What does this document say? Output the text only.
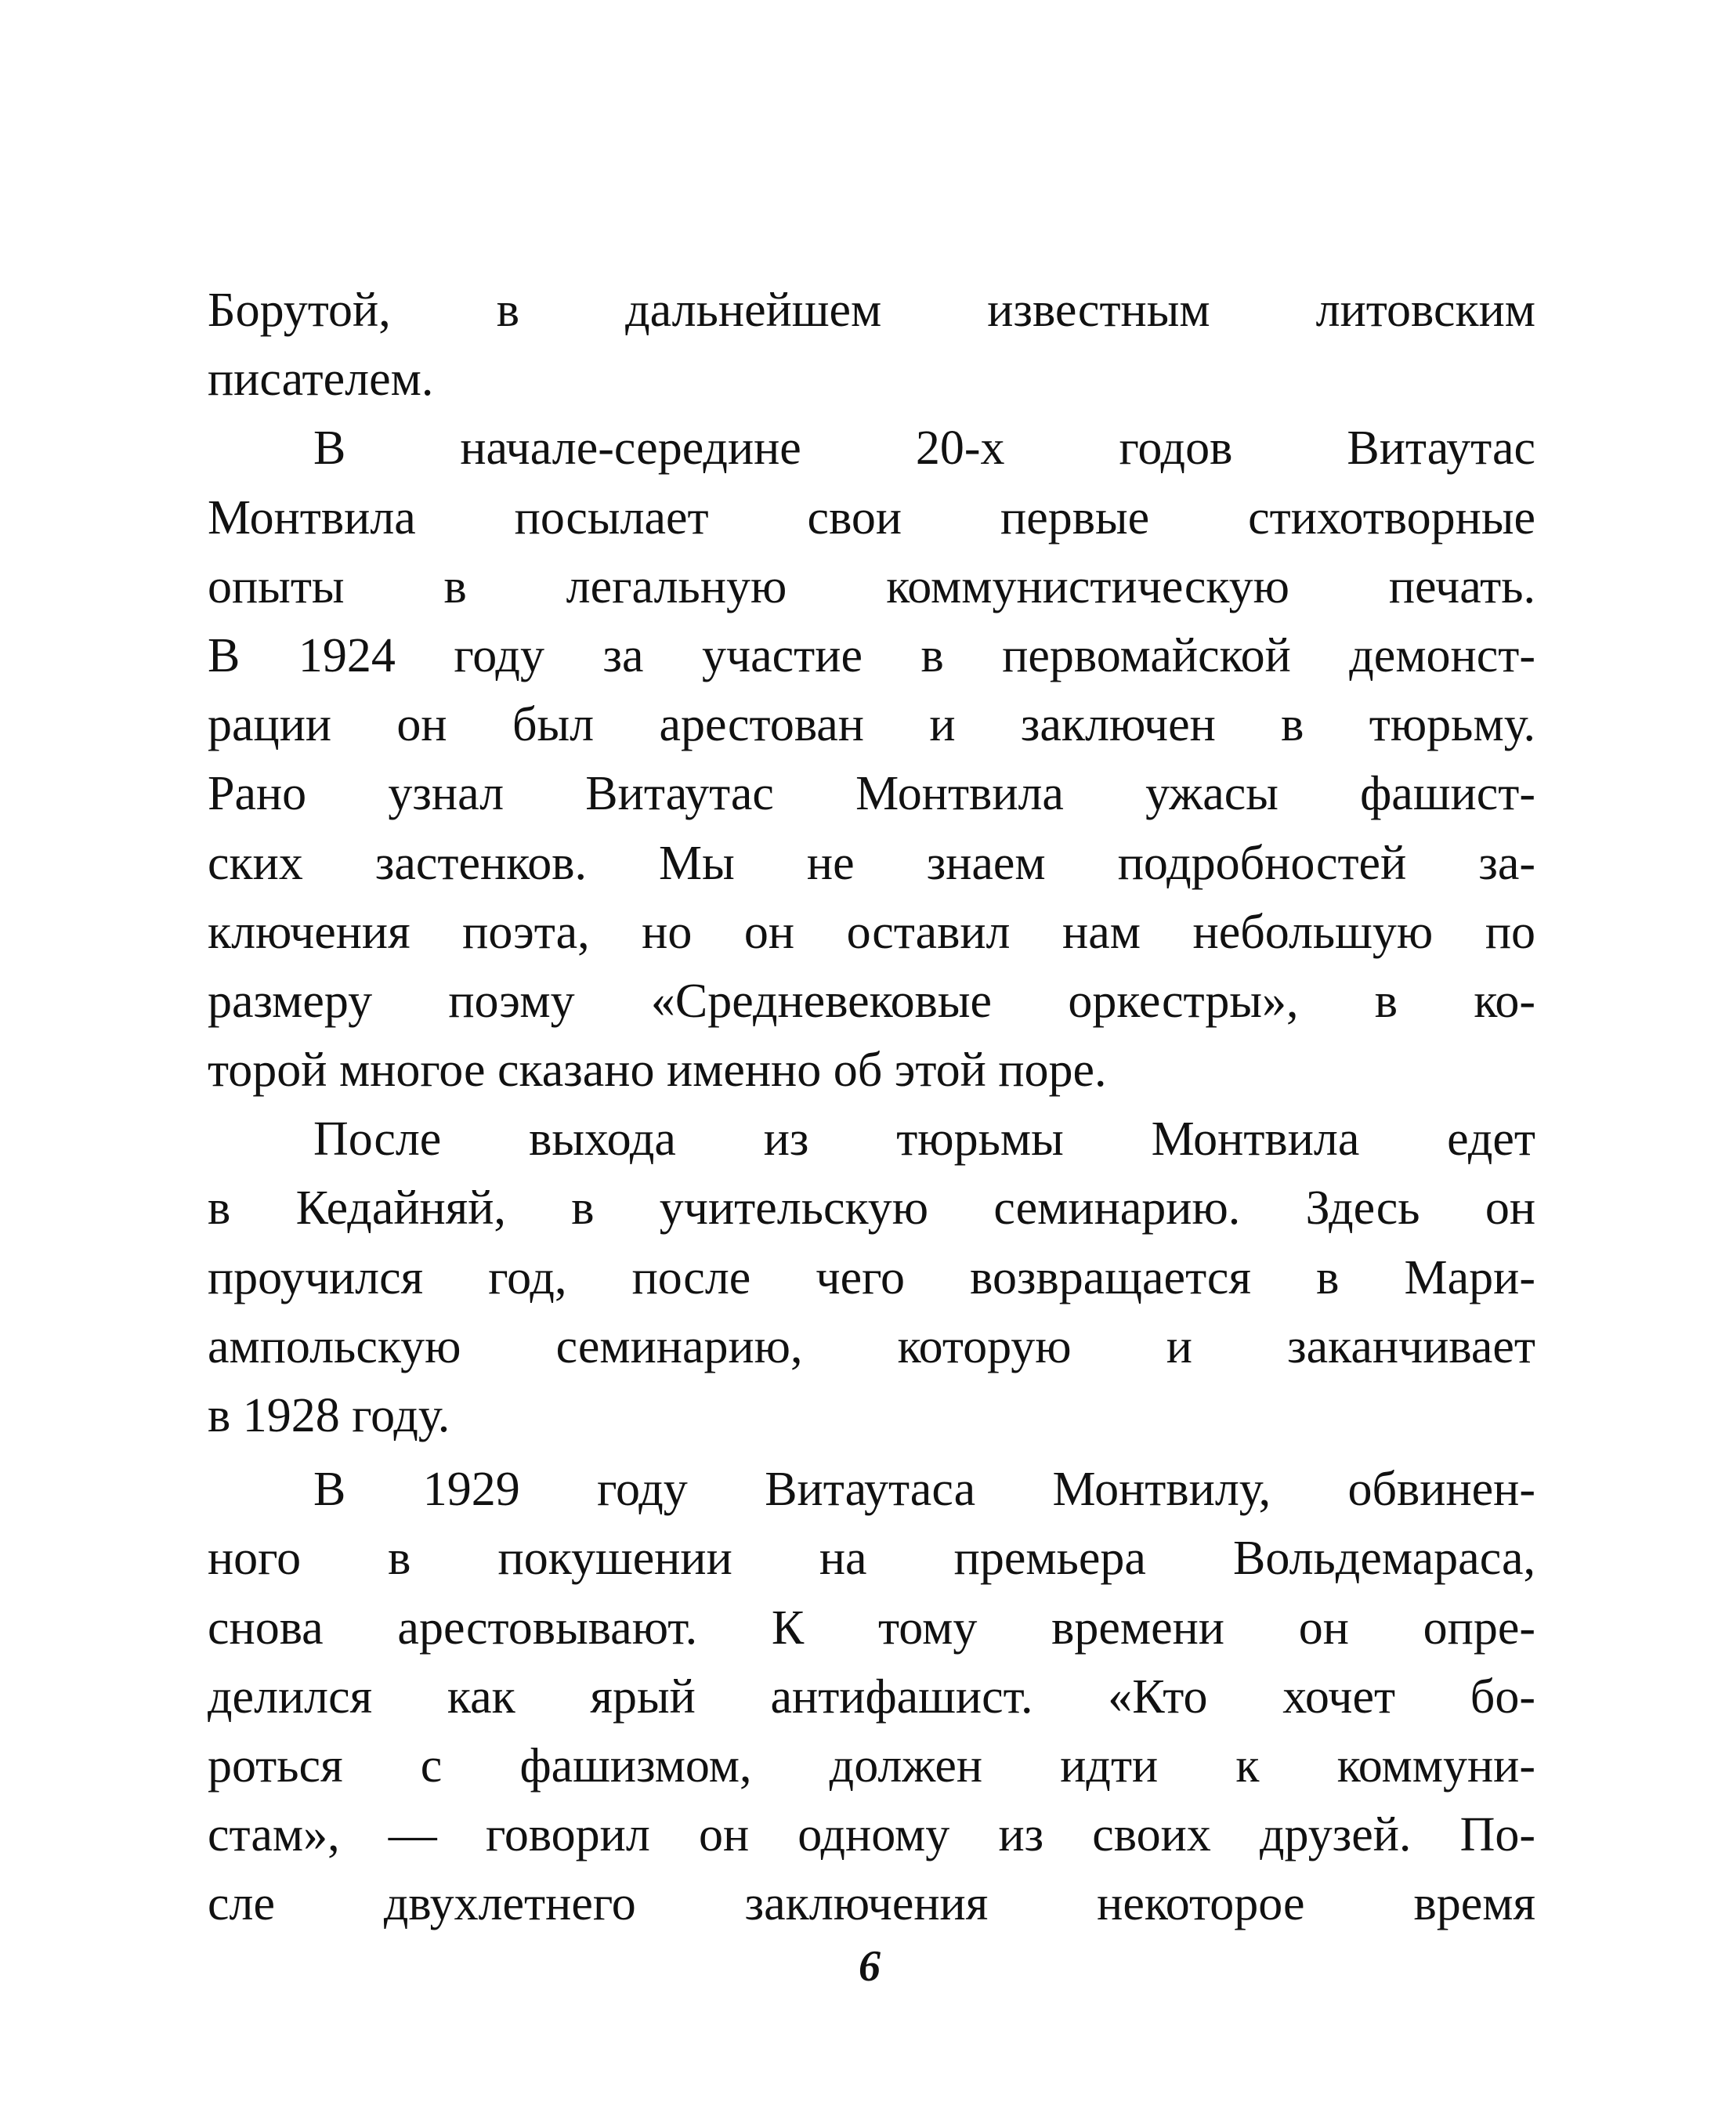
Борутой, в дальнейшем известным литовским
писателем.
В начале-середине 20-х годов Витаутас
Монтвила посылает свои первые стихотворные
опыты в легальную коммунистическую печать.
В 1924 году за участие в первомайской демонст-
рации он был арестован и заключен в тюрьму.
Рано узнал Витаутас Монтвила ужасы фашист-
ских застенков. Мы не знаем подробностей за-
ключения поэта, но он оставил нам небольшую по
размеру поэму «Средневековые оркестры», в ко-
торой многое сказано именно об этой поре.
После выхода из тюрьмы Монтвила едет
в Кедайняй, в учительскую семинарию. Здесь он
проучился год, после чего возвращается в Мари-
ампольскую семинарию, которую и заканчивает
в 1928 году.
В 1929 году Витаутаса Монтвилу, обвинен-
ного в покушении на премьера Вольдемараса,
снова арестовывают. К тому времени он опре-
делился как ярый антифашист. «Кто хочет бо-
роться с фашизмом, должен идти к коммуни-
стам», — говорил он одному из своих друзей. По-
сле двухлетнего заключения некоторое время
6
